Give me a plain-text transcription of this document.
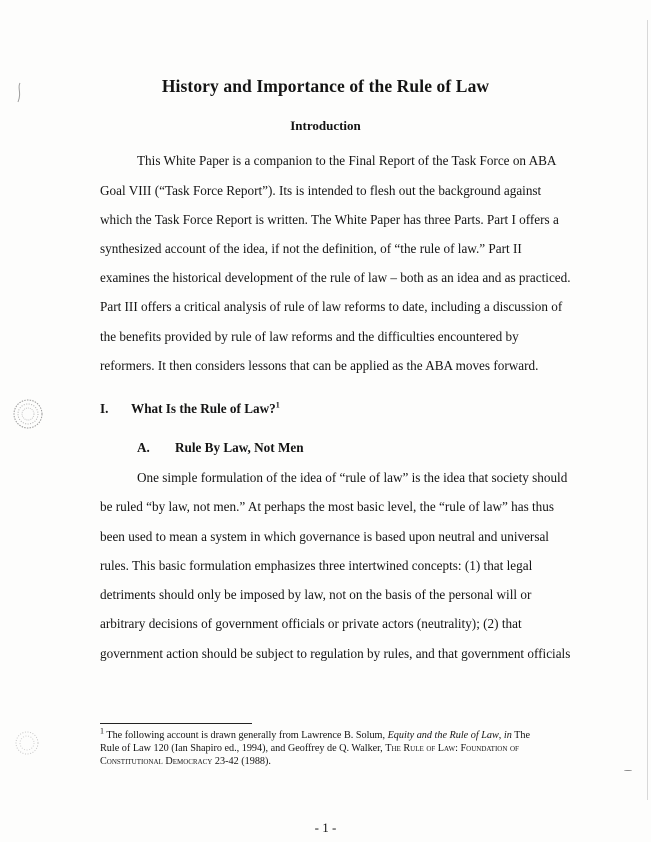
History and Importance of the Rule of Law
Introduction
This White Paper is a companion to the Final Report of the Task Force on ABA
Goal VIII (“Task Force Report”). Its is intended to flesh out the background against
which the Task Force Report is written. The White Paper has three Parts. Part I offers a
synthesized account of the idea, if not the definition, of “the rule of law.” Part II
examines the historical development of the rule of law – both as an idea and as practiced.
Part III offers a critical analysis of rule of law reforms to date, including a discussion of
the benefits provided by rule of law reforms and the difficulties encountered by
reformers. It then considers lessons that can be applied as the ABA moves forward.
I. What Is the Rule of Law?$^1$
A. Rule By Law, Not Men
One simple formulation of the idea of “rule of law” is the idea that society should
be ruled “by law, not men.” At perhaps the most basic level, the “rule of law” has thus
been used to mean a system in which governance is based upon neutral and universal
rules. This basic formulation emphasizes three intertwined concepts: (1) that legal
detriments should only be imposed by law, not on the basis of the personal will or
arbitrary decisions of government officials or private actors (neutrality); (2) that
government action should be subject to regulation by rules, and that government officials
$^1$ The following account is drawn generally from Lawrence B. Solum, Equity and the Rule of Law, in The
Rule of Law 120 (Ian Shapiro ed., 1994), and Geoffrey de Q. Walker, The Rule of Law: Foundation of
Constitutional Democracy 23-42 (1988).
- 1 -
